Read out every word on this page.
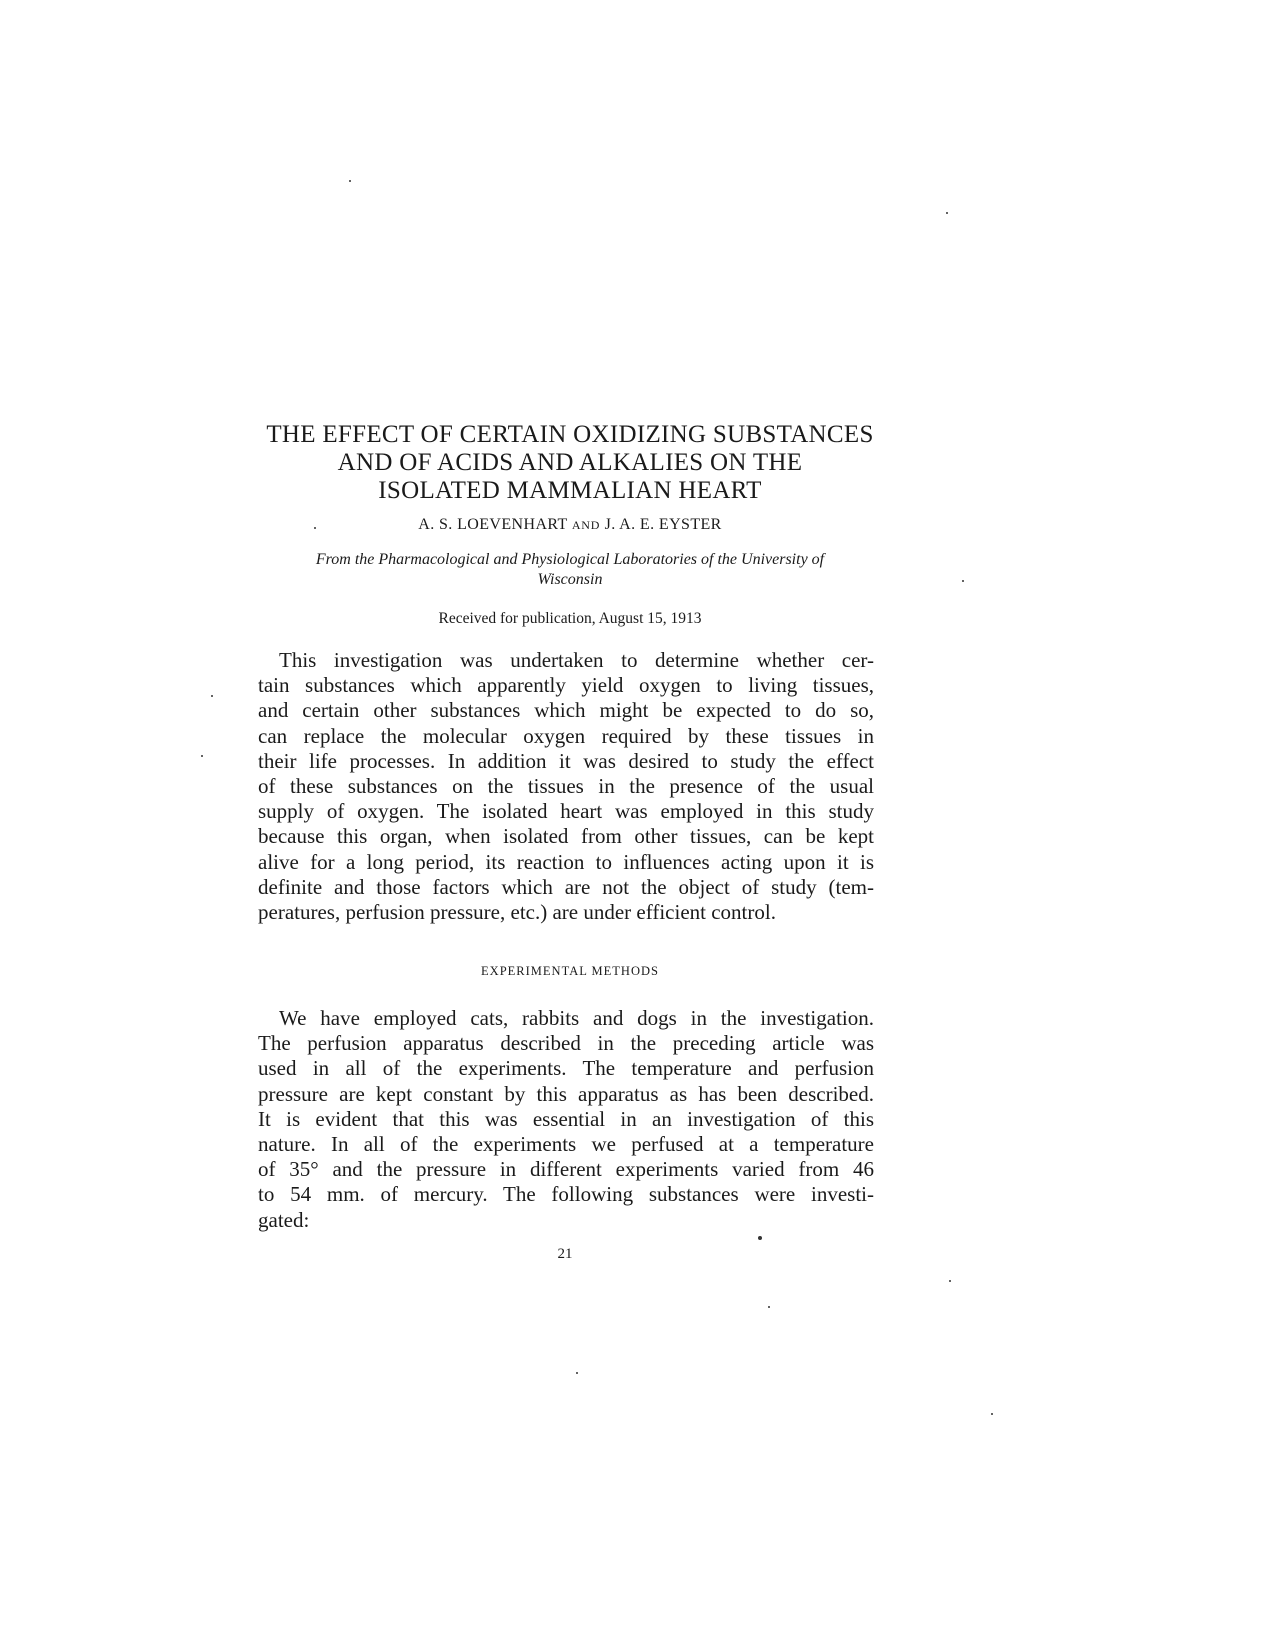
THE EFFECT OF CERTAIN OXIDIZING SUBSTANCES
AND OF ACIDS AND ALKALIES ON THE
ISOLATED MAMMALIAN HEART
A. S. LOEVENHART AND J. A. E. EYSTER
From the Pharmacological and Physiological Laboratories of the University of
Wisconsin
Received for publication, August 15, 1913
This investigation was undertaken to determine whether cer-
tain substances which apparently yield oxygen to living tissues,
and certain other substances which might be expected to do so,
can replace the molecular oxygen required by these tissues in
their life processes. In addition it was desired to study the effect
of these substances on the tissues in the presence of the usual
supply of oxygen. The isolated heart was employed in this study
because this organ, when isolated from other tissues, can be kept
alive for a long period, its reaction to influences acting upon it is
definite and those factors which are not the object of study (tem-
peratures, perfusion pressure, etc.) are under efficient control.
EXPERIMENTAL METHODS
We have employed cats, rabbits and dogs in the investigation.
The perfusion apparatus described in the preceding article was
used in all of the experiments. The temperature and perfusion
pressure are kept constant by this apparatus as has been described.
It is evident that this was essential in an investigation of this
nature. In all of the experiments we perfused at a temperature
of 35° and the pressure in different experiments varied from 46
to 54 mm. of mercury. The following substances were investi-
gated:
21
